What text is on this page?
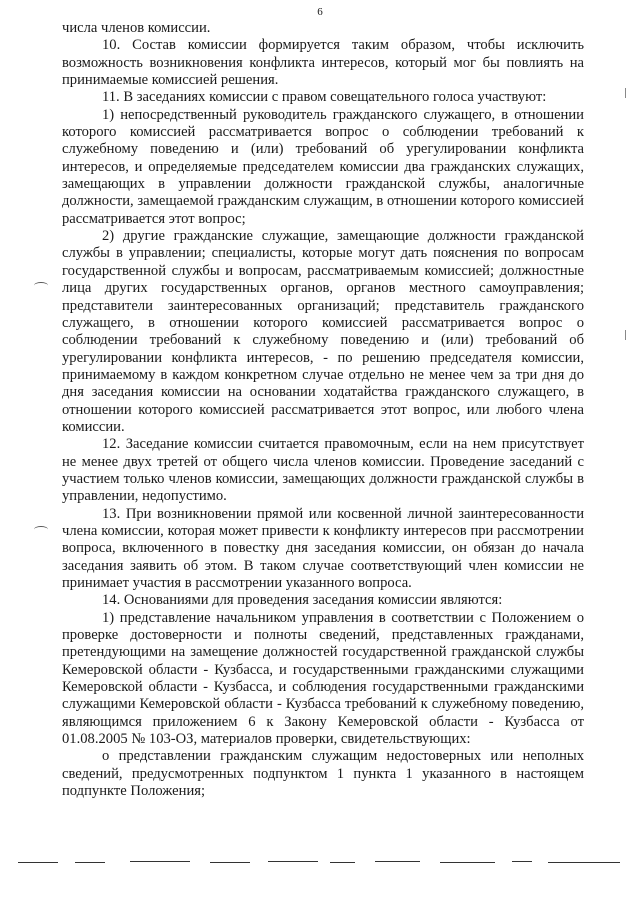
6

числа членов комиссии.

10. Состав комиссии формируется таким образом, чтобы исключить возможность возникновения конфликта интересов, который мог бы повлиять на принимаемые комиссией решения.

11. В заседаниях комиссии с правом совещательного голоса участвуют:

1) непосредственный руководитель гражданского служащего, в отношении которого комиссией рассматривается вопрос о соблюдении требований к служебному поведению и (или) требований об урегулировании конфликта интересов, и определяемые председателем комиссии два гражданских служащих, замещающих в управлении должности гражданской службы, аналогичные должности, замещаемой гражданским служащим, в отношении которого комиссией рассматривается этот вопрос;

2) другие гражданские служащие, замещающие должности гражданской службы в управлении; специалисты, которые могут дать пояснения по вопросам государственной службы и вопросам, рассматриваемым комиссией; должностные лица других государственных органов, органов местного самоуправления; представители заинтересованных организаций; представитель гражданского служащего, в отношении которого комиссией рассматривается вопрос о соблюдении требований к служебному поведению и (или) требований об урегулировании конфликта интересов, - по решению председателя комиссии, принимаемому в каждом конкретном случае отдельно не менее чем за три дня до дня заседания комиссии на основании ходатайства гражданского служащего, в отношении которого комиссией рассматривается этот вопрос, или любого члена комиссии.

12. Заседание комиссии считается правомочным, если на нем присутствует не менее двух третей от общего числа членов комиссии. Проведение заседаний с участием только членов комиссии, замещающих должности гражданской службы в управлении, недопустимо.

13. При возникновении прямой или косвенной личной заинтересованности члена комиссии, которая может привести к конфликту интересов при рассмотрении вопроса, включенного в повестку дня заседания комиссии, он обязан до начала заседания заявить об этом. В таком случае соответствующий член комиссии не принимает участия в рассмотрении указанного вопроса.

14. Основаниями для проведения заседания комиссии являются:

1) представление начальником управления в соответствии с Положением о проверке достоверности и полноты сведений, представленных гражданами, претендующими на замещение должностей государственной гражданской службы Кемеровской области - Кузбасса, и государственными гражданскими служащими Кемеровской области - Кузбасса, и соблюдения государственными гражданскими служащими Кемеровской области - Кузбасса требований к служебному поведению, являющимся приложением 6 к Закону Кемеровской области - Кузбасса от 01.08.2005 № 103-ОЗ, материалов проверки, свидетельствующих:

о представлении гражданским служащим недостоверных или неполных сведений, предусмотренных подпунктом 1 пункта 1 указанного в настоящем подпункте Положения;
